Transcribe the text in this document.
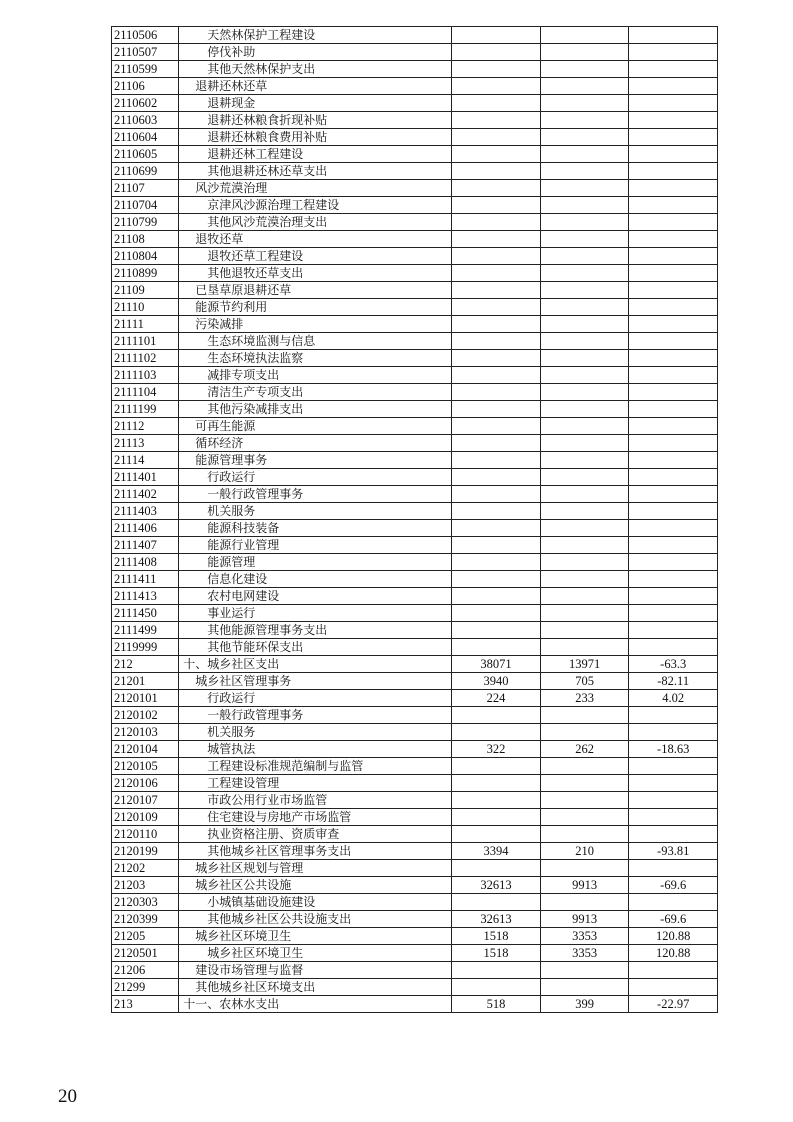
2110506	天然林保护工程建设			
2110507	停伐补助			
2110599	其他天然林保护支出			
21106	退耕还林还草			
2110602	退耕现金			
2110603	退耕还林粮食折现补贴			
2110604	退耕还林粮食费用补贴			
2110605	退耕还林工程建设			
2110699	其他退耕还林还草支出			
21107	风沙荒漠治理			
2110704	京津风沙源治理工程建设			
2110799	其他风沙荒漠治理支出			
21108	退牧还草			
2110804	退牧还草工程建设			
2110899	其他退牧还草支出			
21109	已垦草原退耕还草			
21110	能源节约利用			
21111	污染减排			
2111101	生态环境监测与信息			
2111102	生态环境执法监察			
2111103	减排专项支出			
2111104	清洁生产专项支出			
2111199	其他污染减排支出			
21112	可再生能源			
21113	循环经济			
21114	能源管理事务			
2111401	行政运行			
2111402	一般行政管理事务			
2111403	机关服务			
2111406	能源科技装备			
2111407	能源行业管理			
2111408	能源管理			
2111411	信息化建设			
2111413	农村电网建设			
2111450	事业运行			
2111499	其他能源管理事务支出			
2119999	其他节能环保支出			
212	十、城乡社区支出	38071	13971	-63.3
21201	城乡社区管理事务	3940	705	-82.11
2120101	行政运行	224	233	4.02
2120102	一般行政管理事务			
2120103	机关服务			
2120104	城管执法	322	262	-18.63
2120105	工程建设标准规范编制与监管			
2120106	工程建设管理			
2120107	市政公用行业市场监管			
2120109	住宅建设与房地产市场监管			
2120110	执业资格注册、资质审查			
2120199	其他城乡社区管理事务支出	3394	210	-93.81
21202	城乡社区规划与管理			
21203	城乡社区公共设施	32613	9913	-69.6
2120303	小城镇基础设施建设			
2120399	其他城乡社区公共设施支出	32613	9913	-69.6
21205	城乡社区环境卫生	1518	3353	120.88
2120501	城乡社区环境卫生	1518	3353	120.88
21206	建设市场管理与监督			
21299	其他城乡社区环境支出			
213	十一、农林水支出	518	399	-22.97
20
